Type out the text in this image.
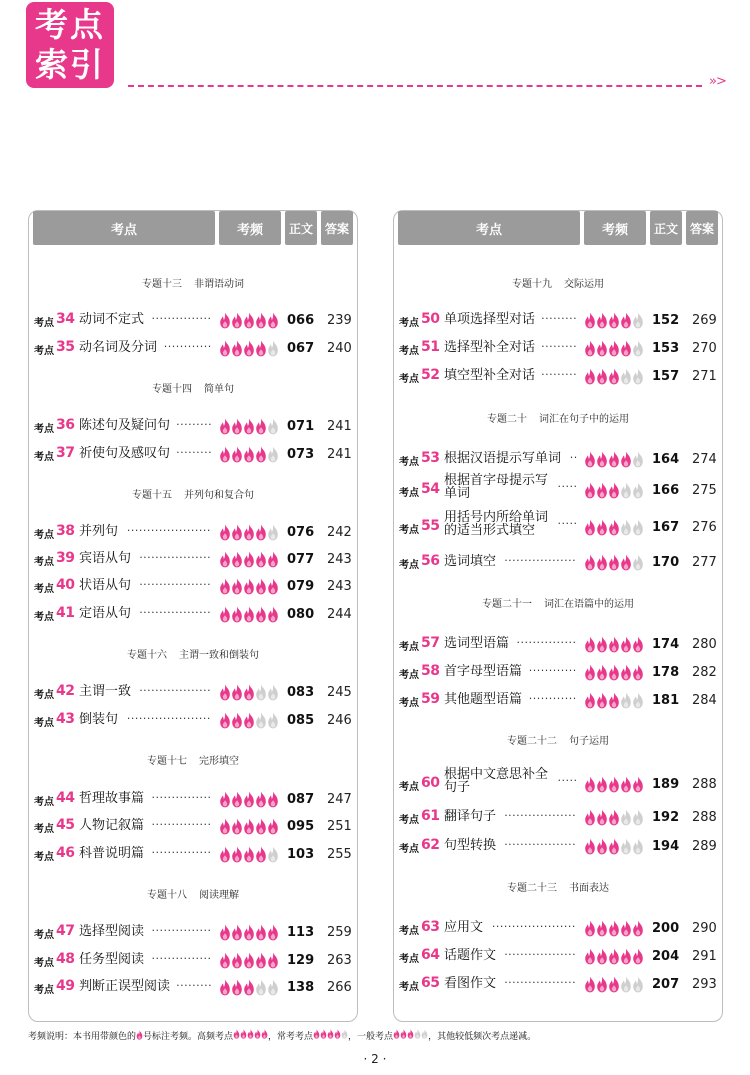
考点
索引	»>
考点	考频	正文 答案
专题十三 非谓语动词
专题十四 简单句
专题十五 并列句和复合句
专题十六 主谓一致和倒装句
专题十七 完形填空
专题十八 阅读理解
考点 34 动词不定式 ···············	066 239
考点 35 动名词及分词 ············	067 240
考点 36 陈述句及疑问句 ·········	071 241
考点 37 祈使句及感叹句 ·········	073 241
考点 38 并列句 ·····················	076 242
考点 39 宾语从句 ··················	077 243
考点 40 状语从句 ··················	079 243
考点 41 定语从句 ··················	080 244
考点 42 主谓一致 ··················	083 245
考点 43 倒装句 ·····················	085 246
考点 44 哲理故事篇 ···············	087 247
考点 45 人物记叙篇 ···············	095 251
考点 46 科普说明篇 ···············	103 255
考点 47 选择型阅读 ···············	113 259
考点 48 任务型阅读 ···············	129 263
考点 49 判断正误型阅读 ·········	138 266
考点	考频	正文 答案
专题十九 交际运用
专题二十 词汇在句子中的运用
专题二十一 词汇在语篇中的运用
专题二十二 句子运用
专题二十三 书面表达
考点 50 单项选择型对话 ·········	152 269
考点 51 选择型补全对话 ·········	153 270
考点 52 填空型补全对话 ·········	157 271
考点 53 根据汉语提示写单词 ··	164 274
考点 54
根据首字母提示写
单词	·····	166 275
考点 55
用括号内所给单词
的适当形式填空	·····	167 276
考点 56 选词填空 ··················	170 277
考点 57 选词型语篇 ···············	174 280
考点 58 首字母型语篇 ············	178 282
考点 59 其他题型语篇 ············	181 284
考点 60
根据中文意思补全
句子	·····	189 288
考点 61 翻译句子 ··················	192 288
考点 62 句型转换 ··················	194 289
考点 63 应用文 ·····················	200 290
考点 64 话题作文 ··················	204 291
考点 65 看图作文 ··················	207 293
考频说明：本书用带颜色的 号标注考频。高频考点	，常考考点	，一般考点	，其他较低频次考点递减。
· 2 ·
